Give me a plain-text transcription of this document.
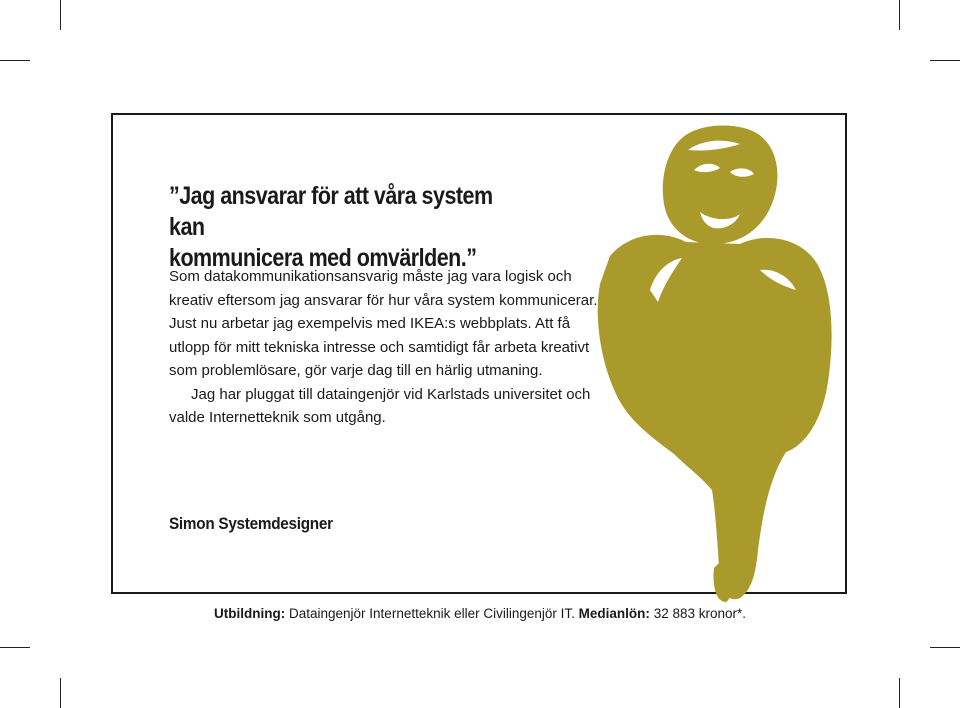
”Jag ansvarar för att våra system kan
kommunicera med omvärlden.”

Som datakommunikationsansvarig måste jag vara logisk och kreativ eftersom jag ansvarar för hur våra system kommunicerar. Just nu arbetar jag exempelvis med IKEA:s webbplats. Att få utlopp för mitt tekniska intresse och samtidigt får arbeta kreativt som problemlösare, gör varje dag till en härlig utmaning.

Jag har pluggat till dataingenjör vid Karlstads universitet och valde Internetteknik som utgång.

Simon Systemdesigner

Utbildning: Dataingenjör Internetteknik eller Civilingenjör IT. Medianlön: 32 883 kronor*.
